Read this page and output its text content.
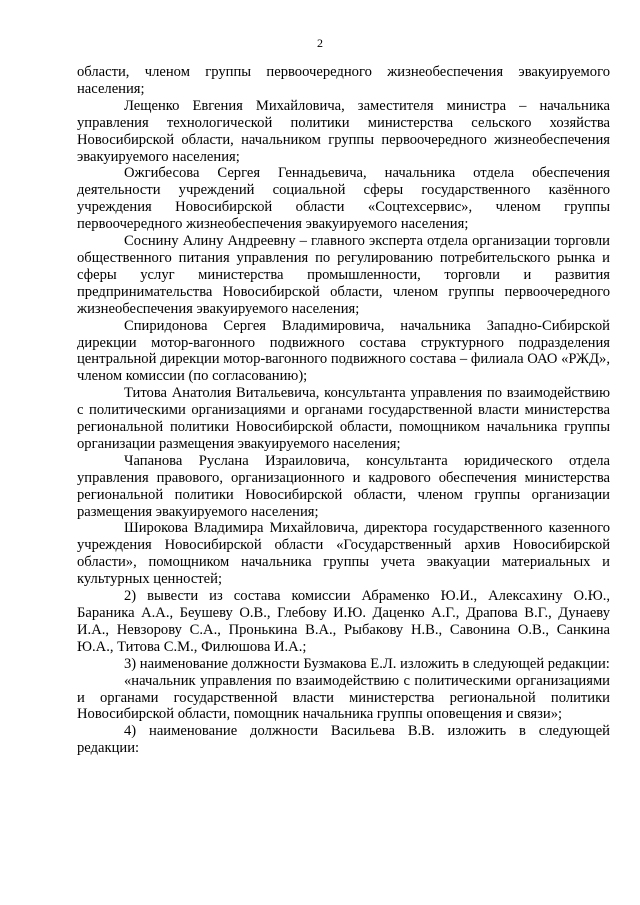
2

области, членом группы первоочередного жизнеобеспечения эвакуируемого населения;

Лещенко Евгения Михайловича, заместителя министра – начальника управления технологической политики министерства сельского хозяйства Новосибирской области, начальником группы первоочередного жизнеобеспечения эвакуируемого населения;

Ожгибесова Сергея Геннадьевича, начальника отдела обеспечения деятельности учреждений социальной сферы государственного казённого учреждения Новосибирской области «Соцтехсервис», членом группы первоочередного жизнеобеспечения эвакуируемого населения;

Соснину Алину Андреевну – главного эксперта отдела организации торговли общественного питания управления по регулированию потребительского рынка и сферы услуг министерства промышленности, торговли и развития предпринимательства Новосибирской области, членом группы первоочередного жизнеобеспечения эвакуируемого населения;

Спиридонова Сергея Владимировича, начальника Западно-Сибирской дирекции мотор-вагонного подвижного состава структурного подразделения центральной дирекции мотор-вагонного подвижного состава – филиала ОАО «РЖД», членом комиссии (по согласованию);

Титова Анатолия Витальевича, консультанта управления по взаимодействию с политическими организациями и органами государственной власти министерства региональной политики Новосибирской области, помощником начальника группы организации размещения эвакуируемого населения;

Чапанова Руслана Израиловича, консультанта юридического отдела управления правового, организационного и кадрового обеспечения министерства региональной политики Новосибирской области, членом группы организации размещения эвакуируемого населения;

Широкова Владимира Михайловича, директора государственного казенного учреждения Новосибирской области «Государственный архив Новосибирской области», помощником начальника группы учета эвакуации материальных и культурных ценностей;

2) вывести из состава комиссии Абраменко Ю.И., Алексахину О.Ю., Бараника А.А., Беушеву О.В., Глебову И.Ю. Даценко А.Г., Драпова В.Г., Дунаеву И.А., Невзорову С.А., Пронькина В.А., Рыбакову Н.В., Савонина О.В., Санкина Ю.А., Титова С.М., Филюшова И.А.;

3) наименование должности Бузмакова Е.Л. изложить в следующей редакции:

«начальник управления по взаимодействию с политическими организациями и органами государственной власти министерства региональной политики Новосибирской области, помощник начальника группы оповещения и связи»;

4) наименование должности Васильева В.В. изложить в следующей редакции:
